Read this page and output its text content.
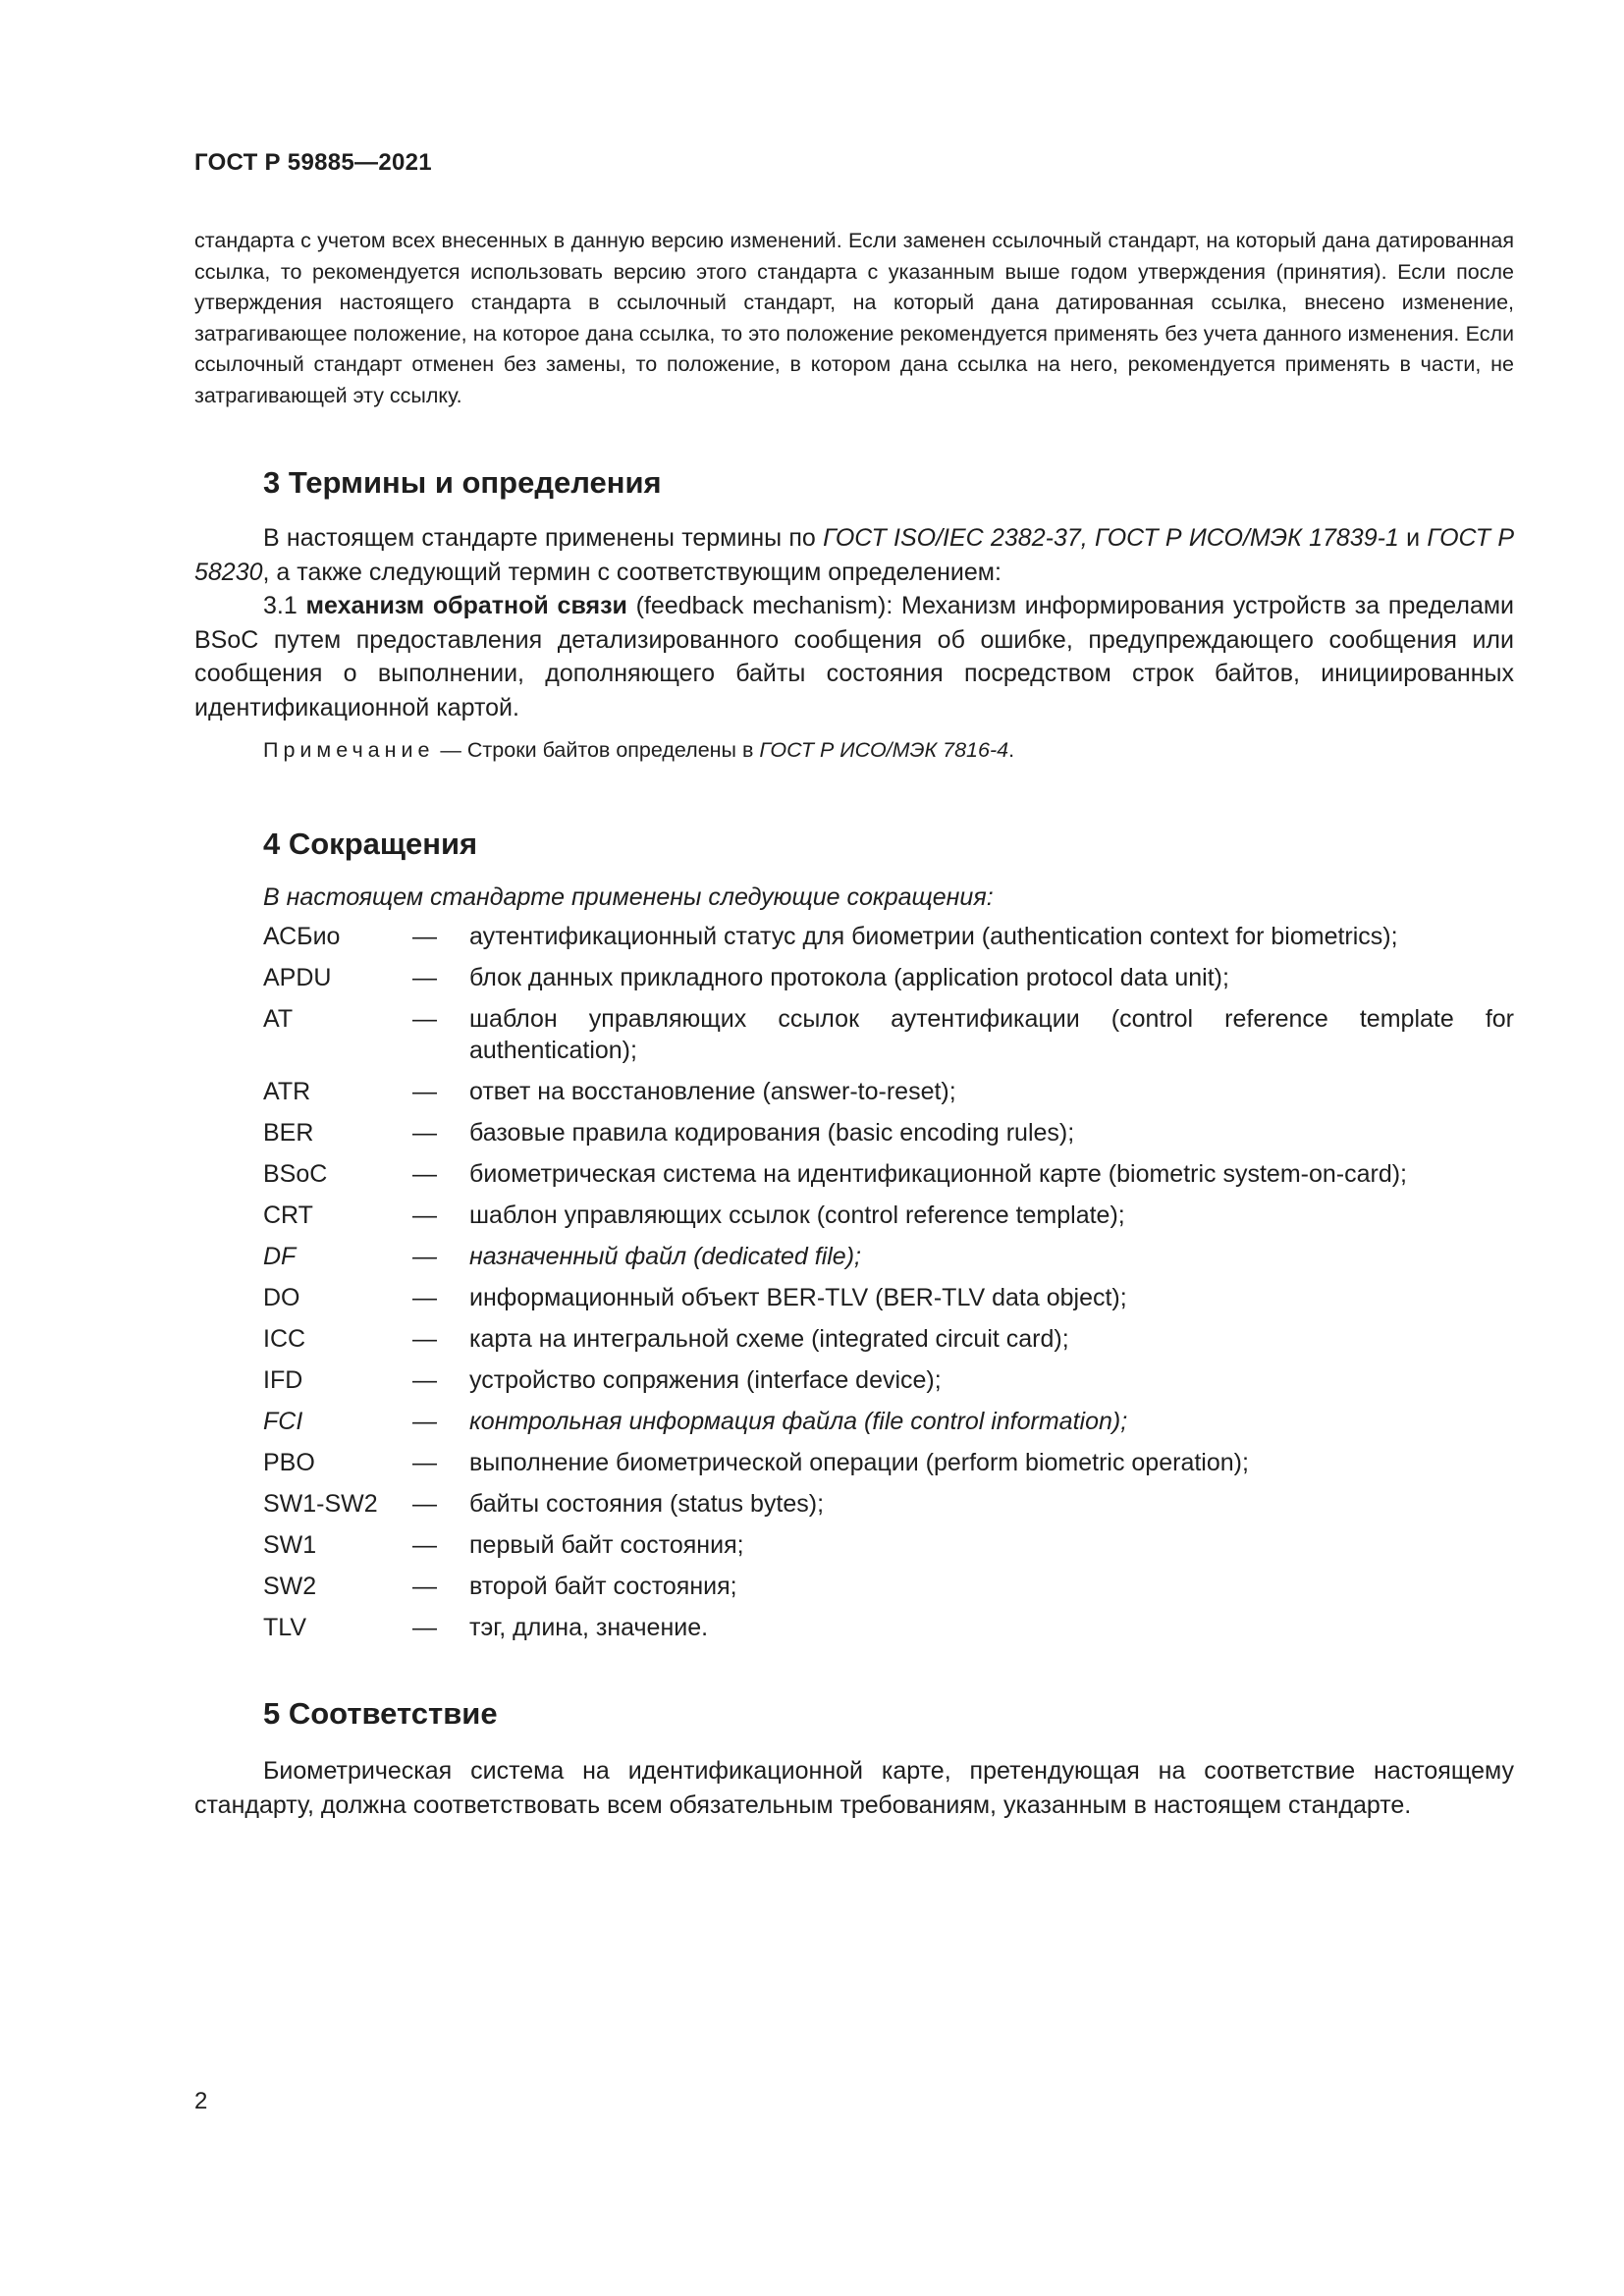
ГОСТ Р 59885—2021
стандарта с учетом всех внесенных в данную версию изменений. Если заменен ссылочный стандарт, на который дана датированная ссылка, то рекомендуется использовать версию этого стандарта с указанным выше годом утверждения (принятия). Если после утверждения настоящего стандарта в ссылочный стандарт, на который дана датированная ссылка, внесено изменение, затрагивающее положение, на которое дана ссылка, то это положение рекомендуется применять без учета данного изменения. Если ссылочный стандарт отменен без замены, то положение, в котором дана ссылка на него, рекомендуется применять в части, не затрагивающей эту ссылку.
3 Термины и определения
В настоящем стандарте применены термины по ГОСТ ISO/IEC 2382-37, ГОСТ Р ИСО/МЭК 17839-1 и ГОСТ Р 58230, а также следующий термин с соответствующим определением:
3.1 механизм обратной связи (feedback mechanism): Механизм информирования устройств за пределами BSoC путем предоставления детализированного сообщения об ошибке, предупреждающего сообщения или сообщения о выполнении, дополняющего байты состояния посредством строк байтов, инициированных идентификационной картой.
Примечание — Строки байтов определены в ГОСТ Р ИСО/МЭК 7816-4.
4 Сокращения
В настоящем стандарте применены следующие сокращения:
АСБио	—	аутентификационный статус для биометрии (authentication context for biometrics);
APDU	—	блок данных прикладного протокола (application protocol data unit);
AT	—	шаблон управляющих ссылок аутентификации (control reference template for authentication);
ATR	—	ответ на восстановление (answer-to-reset);
BER	—	базовые правила кодирования (basic encoding rules);
BSoC	—	биометрическая система на идентификационной карте (biometric system-on-card);
CRT	—	шаблон управляющих ссылок (control reference template);
DF	—	назначенный файл (dedicated file);
DO	—	информационный объект BER-TLV (BER-TLV data object);
ICC	—	карта на интегральной схеме (integrated circuit card);
IFD	—	устройство сопряжения (interface device);
FCI	—	контрольная информация файла (file control information);
PBO	—	выполнение биометрической операции (perform biometric operation);
SW1-SW2	—	байты состояния (status bytes);
SW1	—	первый байт состояния;
SW2	—	второй байт состояния;
TLV	—	тэг, длина, значение.
5 Соответствие
Биометрическая система на идентификационной карте, претендующая на соответствие настоящему стандарту, должна соответствовать всем обязательным требованиям, указанным в настоящем стандарте.
2
